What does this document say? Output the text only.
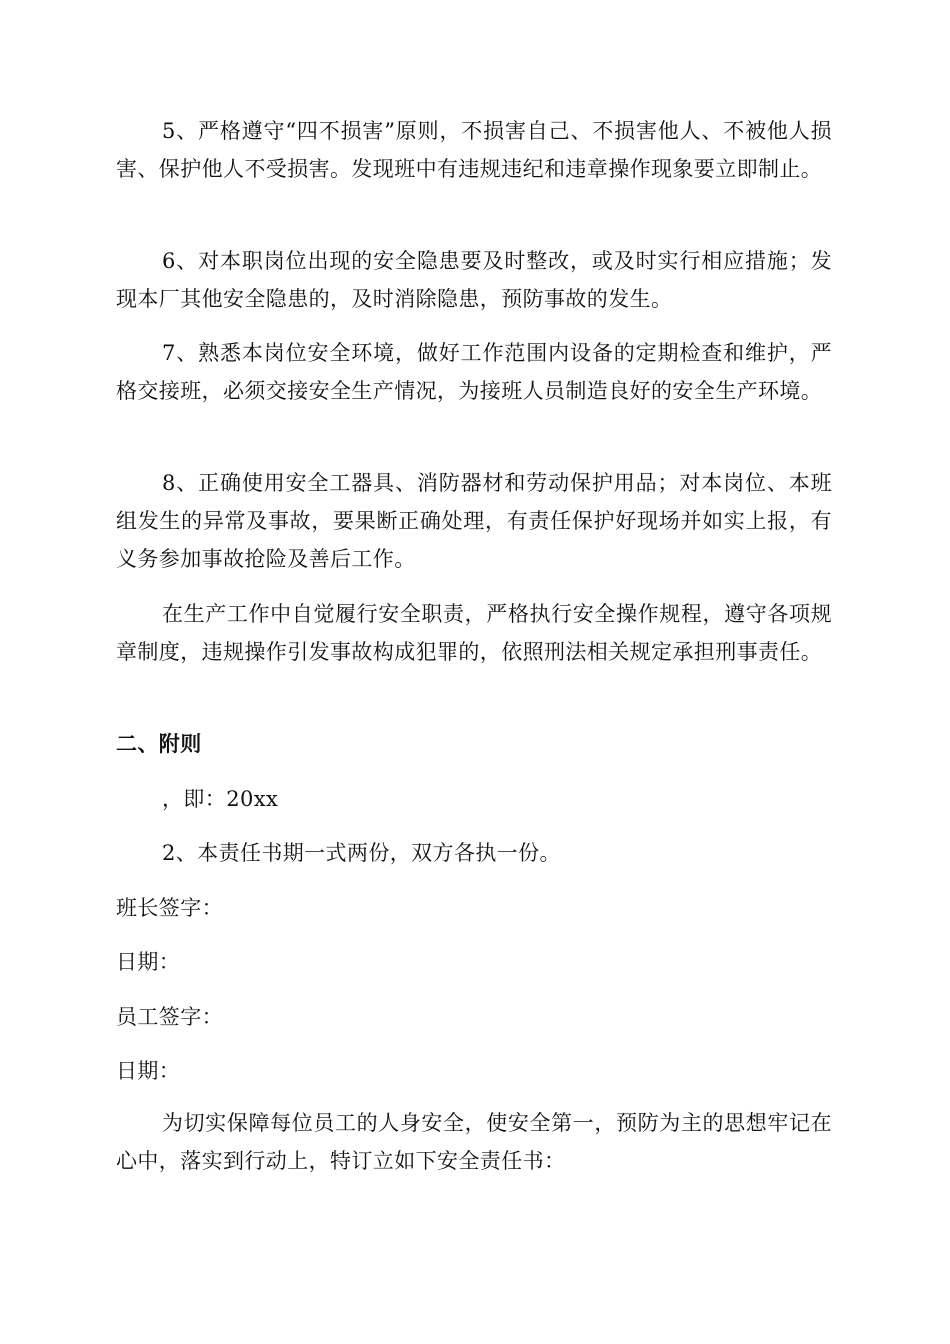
5、严格遵守“四不损害”原则，不损害自己、不损害他人、不被他人损害、保护他人不受损害。发现班中有违规违纪和违章操作现象要立即制止。

6、对本职岗位出现的安全隐患要及时整改，或及时实行相应措施；发现本厂其他安全隐患的，及时消除隐患，预防事故的发生。

7、熟悉本岗位安全环境，做好工作范围内设备的定期检查和维护，严格交接班，必须交接安全生产情况，为接班人员制造良好的安全生产环境。

8、正确使用安全工器具、消防器材和劳动保护用品；对本岗位、本班组发生的异常及事故，要果断正确处理，有责任保护好现场并如实上报，有义务参加事故抢险及善后工作。

在生产工作中自觉履行安全职责，严格执行安全操作规程，遵守各项规章制度，违规操作引发事故构成犯罪的，依照刑法相关规定承担刑事责任。

二、附则

，即：20xx

2、本责任书期一式两份，双方各执一份。

班长签字：

日期：

员工签字：

日期：

为切实保障每位员工的人身安全，使安全第一，预防为主的思想牢记在心中，落实到行动上，特订立如下安全责任书：
